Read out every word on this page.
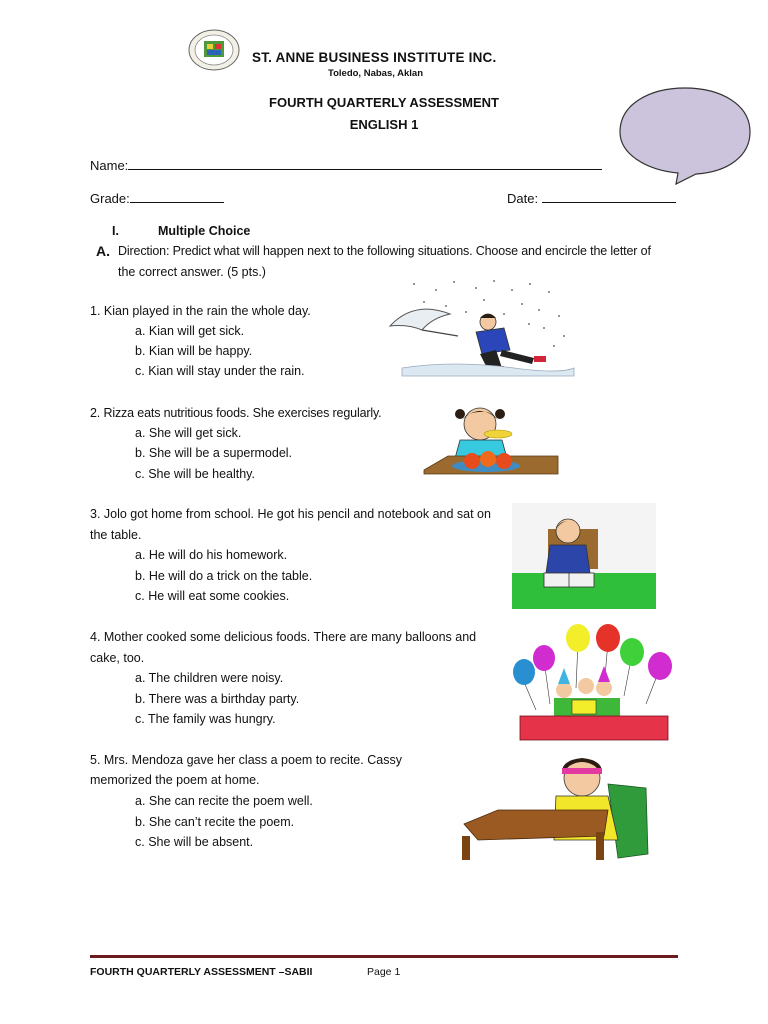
ST. ANNE BUSINESS INSTITUTE INC.
Toledo, Nabas, Aklan
FOURTH QUARTERLY ASSESSMENT
ENGLISH 1
Name:
Grade:	Date:
I.	Multiple Choice
A. Direction: Predict what will happen next to the following situations. Choose and encircle the letter of
the correct answer. (5 pts.)
1. Kian played in the rain the whole day.
a. Kian will get sick.
b. Kian will be happy.
c. Kian will stay under the rain.
2. Rizza eats nutritious foods. She exercises regularly.
a. She will get sick.
b. She will be a supermodel.
c. She will be healthy.
3. Jolo got home from school. He got his pencil and notebook and sat on
the table.
a. He will do his homework.
b. He will do a trick on the table.
c. He will eat some cookies.
4. Mother cooked some delicious foods. There are many balloons and
cake, too.
a. The children were noisy.
b. There was a birthday party.
c. The family was hungry.
5. Mrs. Mendoza gave her class a poem to recite. Cassy
memorized the poem at home.
a. She can recite the poem well.
b. She can’t recite the poem.
c. She will be absent.
FOURTH QUARTERLY ASSESSMENT –SABII	Page 1
